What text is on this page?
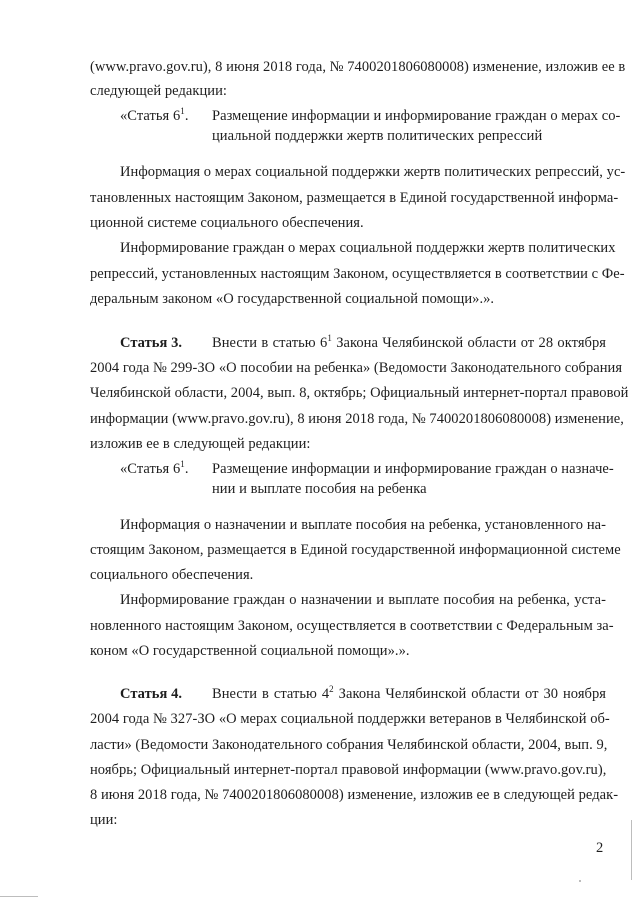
(www.pravo.gov.ru), 8 июня 2018 года, № 7400201806080008) изменение, изложив ее в
следующей редакции:
«Статья $6^1$. Размещение информации и информирование граждан о мерах со-
циальной поддержки жертв политических репрессий
Информация о мерах социальной поддержки жертв политических репрессий, ус-
тановленных настоящим Законом, размещается в Единой государственной информа-
ционной системе социального обеспечения.
Информирование граждан о мерах социальной поддержки жертв политических
репрессий, установленных настоящим Законом, осуществляется в соответствии с Фе-
деральным законом «О государственной социальной помощи».».
Статья 3. Внести в статью $6^1$ Закона Челябинской области от 28 октября
2004 года № 299-ЗО «О пособии на ребенка» (Ведомости Законодательного собрания
Челябинской области, 2004, вып. 8, октябрь; Официальный интернет-портал правовой
информации (www.pravo.gov.ru), 8 июня 2018 года, № 7400201806080008) изменение,
изложив ее в следующей редакции:
«Статья $6^1$. Размещение информации и информирование граждан о назначе-
нии и выплате пособия на ребенка
Информация о назначении и выплате пособия на ребенка, установленного на-
стоящим Законом, размещается в Единой государственной информационной системе
социального обеспечения.
Информирование граждан о назначении и выплате пособия на ребенка, уста-
новленного настоящим Законом, осуществляется в соответствии с Федеральным за-
коном «О государственной социальной помощи».».
Статья 4. Внести в статью $4^2$ Закона Челябинской области от 30 ноября
2004 года № 327-ЗО «О мерах социальной поддержки ветеранов в Челябинской об-
ласти» (Ведомости Законодательного собрания Челябинской области, 2004, вып. 9,
ноябрь; Официальный интернет-портал правовой информации (www.pravo.gov.ru),
8 июня 2018 года, № 7400201806080008) изменение, изложив ее в следующей редак-
ции:
2
